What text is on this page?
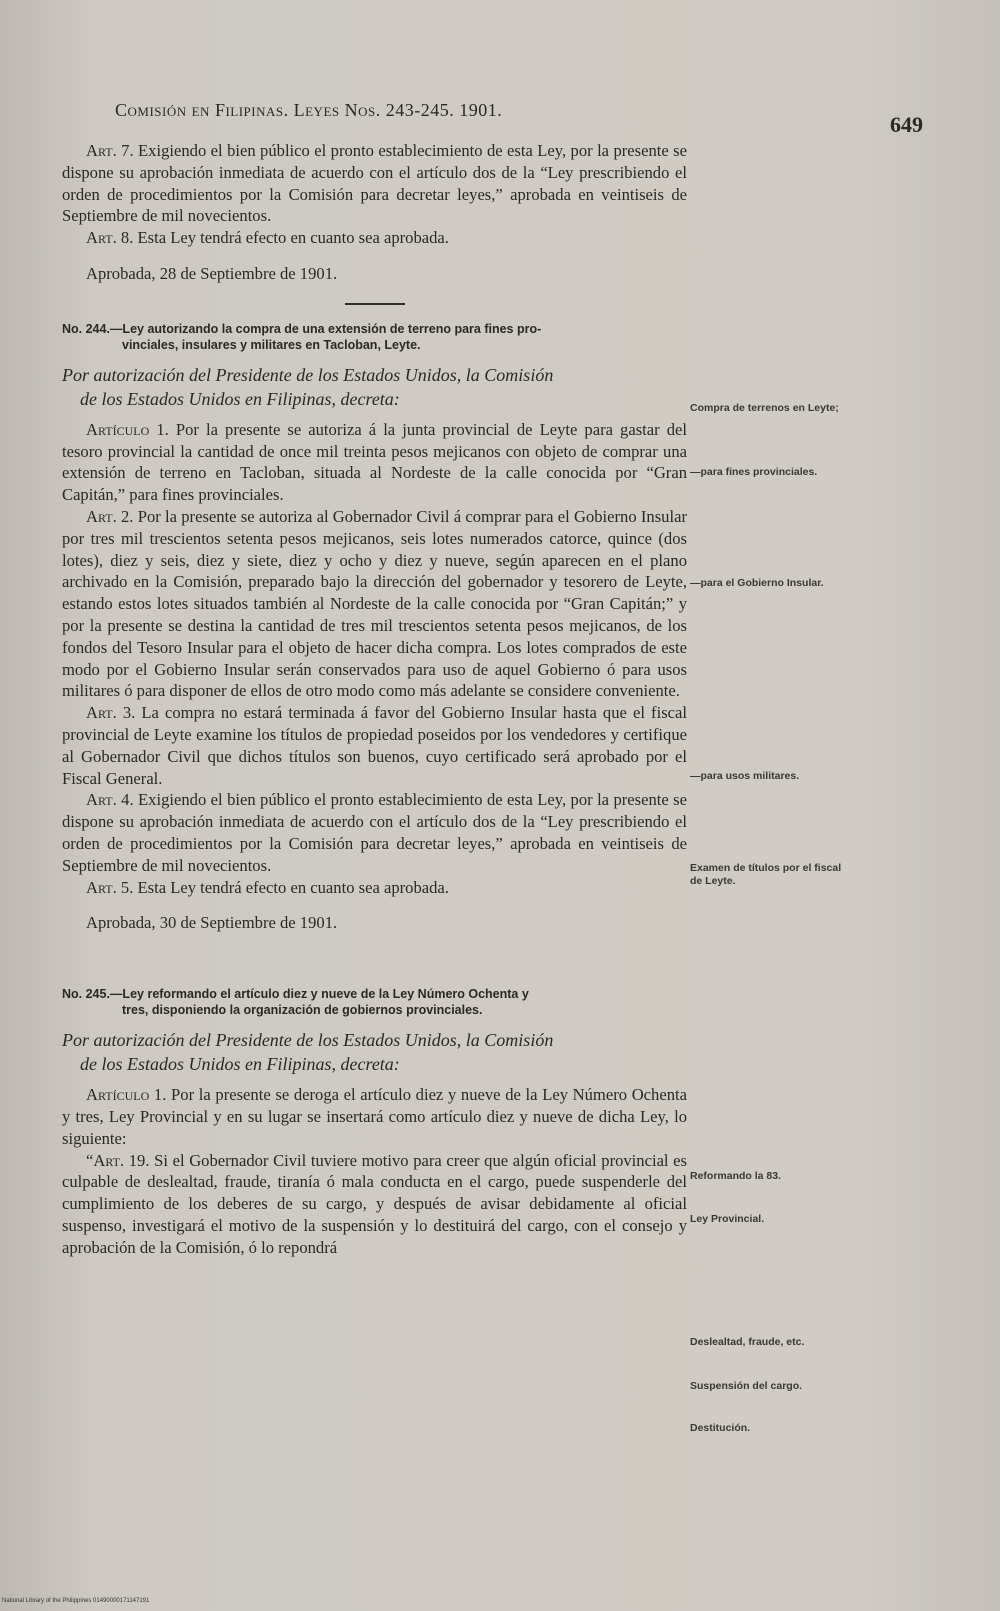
Comisión en Filipinas. Leyes Nos. 243-245. 1901.
649

Art. 7. Exigiendo el bien público el pronto establecimiento de esta Ley, por la presente se dispone su aprobación inmediata de acuerdo con el artículo dos de la “Ley prescribiendo el orden de procedimientos por la Comisión para decretar leyes,” aprobada en veintiseis de Septiembre de mil novecientos.

Art. 8. Esta Ley tendrá efecto en cuanto sea aprobada.

Aprobada, 28 de Septiembre de 1901.

No. 244.—Ley autorizando la compra de una extensión de terreno para fines pro-
vinciales, insulares y militares en Tacloban, Leyte.
Por autorización del Presidente de los Estados Unidos, la Comisión
de los Estados Unidos en Filipinas, decreta:

Artículo 1. Por la presente se autoriza á la junta provincial de Leyte para gastar del tesoro provincial la cantidad de once mil treinta pesos mejicanos con objeto de comprar una extensión de terreno en Tacloban, situada al Nordeste de la calle conocida por “Gran Capitán,” para fines provinciales.

Art. 2. Por la presente se autoriza al Gobernador Civil á comprar para el Gobierno Insular por tres mil trescientos setenta pesos mejicanos, seis lotes numerados catorce, quince (dos lotes), diez y seis, diez y siete, diez y ocho y diez y nueve, según aparecen en el plano archivado en la Comisión, preparado bajo la dirección del gobernador y tesorero de Leyte, estando estos lotes situados también al Nordeste de la calle conocida por “Gran Capitán;” y por la presente se destina la cantidad de tres mil trescientos setenta pesos mejicanos, de los fondos del Tesoro Insular para el objeto de hacer dicha compra. Los lotes comprados de este modo por el Gobierno Insular serán conservados para uso de aquel Gobierno ó para usos militares ó para disponer de ellos de otro modo como más adelante se considere conveniente.

Art. 3. La compra no estará terminada á favor del Gobierno Insular hasta que el fiscal provincial de Leyte examine los títulos de propiedad poseidos por los vendedores y certifique al Gobernador Civil que dichos títulos son buenos, cuyo certificado será aprobado por el Fiscal General.

Art. 4. Exigiendo el bien público el pronto establecimiento de esta Ley, por la presente se dispone su aprobación inmediata de acuerdo con el artículo dos de la “Ley prescribiendo el orden de procedimientos por la Comisión para decretar leyes,” aprobada en veintiseis de Septiembre de mil novecientos.

Art. 5. Esta Ley tendrá efecto en cuanto sea aprobada.

Aprobada, 30 de Septiembre de 1901.

No. 245.—Ley reformando el artículo diez y nueve de la Ley Número Ochenta y
tres, disponiendo la organización de gobiernos provinciales.
Por autorización del Presidente de los Estados Unidos, la Comisión
de los Estados Unidos en Filipinas, decreta:

Artículo 1. Por la presente se deroga el artículo diez y nueve de la Ley Número Ochenta y tres, Ley Provincial y en su lugar se insertará como artículo diez y nueve de dicha Ley, lo siguiente:

“Art. 19. Si el Gobernador Civil tuviere motivo para creer que algún oficial provincial es culpable de deslealtad, fraude, tiranía ó mala conducta en el cargo, puede suspenderle del cumplimiento de los deberes de su cargo, y después de avisar debidamente al oficial suspenso, investigará el motivo de la suspensión y lo destituirá del cargo, con el consejo y aprobación de la Comisión, ó lo repondrá

Compra de terrenos en Leyte;
—para fines provinciales.
—para el Gobierno Insular.
—para usos militares.
Examen de títulos por el fiscal de Leyte.
Reformando la 83.
Ley Provincial.
Deslealtad, fraude, etc.
Suspensión del cargo.
Destitución.
National Library of the Philippines 01490000171147191
